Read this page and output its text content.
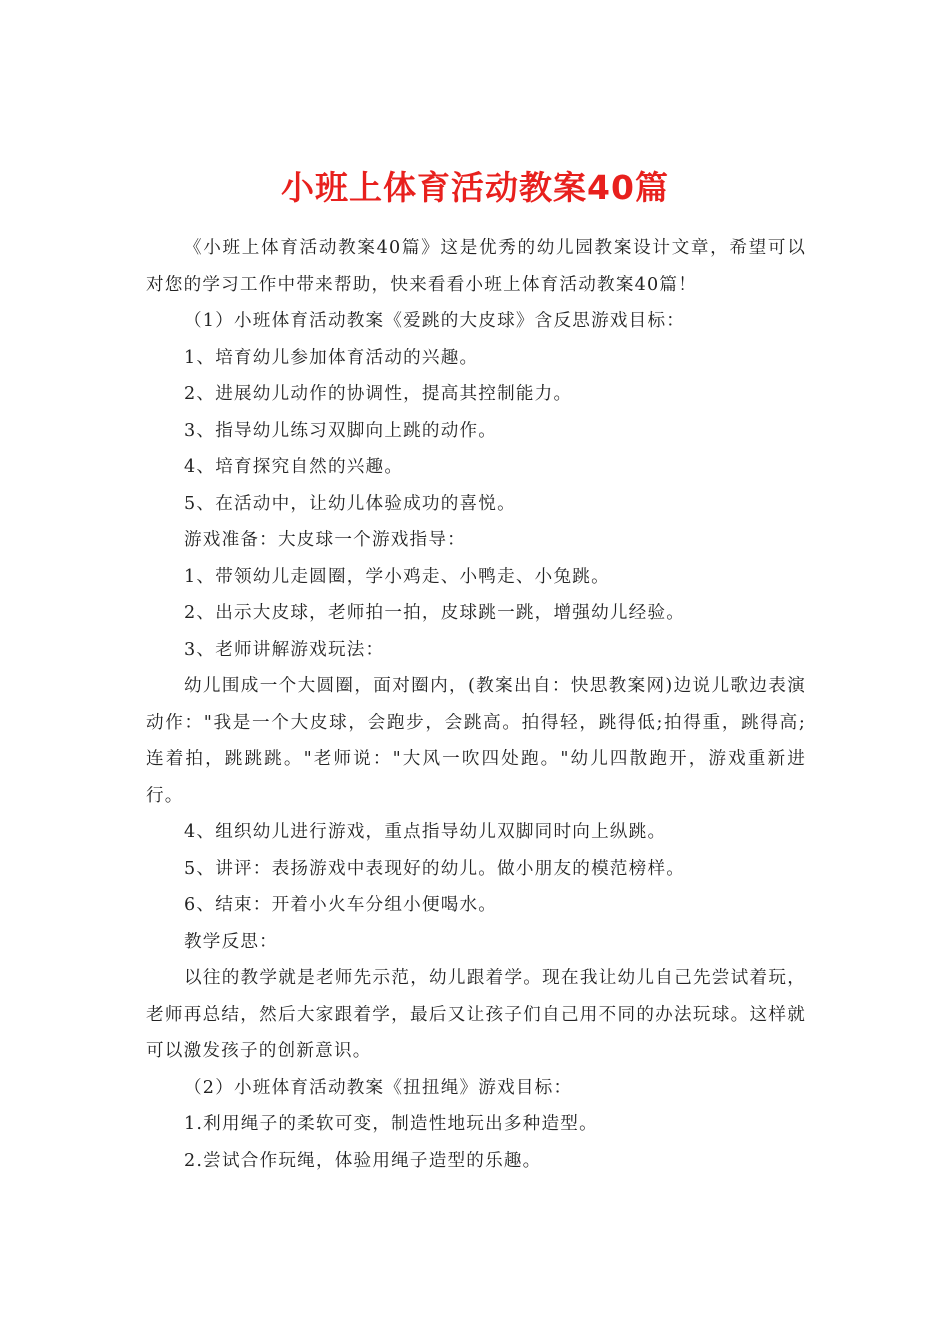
小班上体育活动教案40篇

《小班上体育活动教案40篇》这是优秀的幼儿园教案设计文章，希望可以对您的学习工作中带来帮助，快来看看小班上体育活动教案40篇！

（1）小班体育活动教案《爱跳的大皮球》含反思游戏目标：

1、培育幼儿参加体育活动的兴趣。

2、进展幼儿动作的协调性，提高其控制能力。

3、指导幼儿练习双脚向上跳的动作。

4、培育探究自然的兴趣。

5、在活动中，让幼儿体验成功的喜悦。

游戏准备：大皮球一个游戏指导：

1、带领幼儿走圆圈，学小鸡走、小鸭走、小兔跳。

2、出示大皮球，老师拍一拍，皮球跳一跳，增强幼儿经验。

3、老师讲解游戏玩法：

幼儿围成一个大圆圈，面对圈内，(教案出自：快思教案网)边说儿歌边表演动作："我是一个大皮球，会跑步，会跳高。拍得轻，跳得低;拍得重，跳得高;连着拍，跳跳跳。"老师说："大风一吹四处跑。"幼儿四散跑开，游戏重新进行。

4、组织幼儿进行游戏，重点指导幼儿双脚同时向上纵跳。

5、讲评：表扬游戏中表现好的幼儿。做小朋友的模范榜样。

6、结束：开着小火车分组小便喝水。

教学反思：

以往的教学就是老师先示范，幼儿跟着学。现在我让幼儿自己先尝试着玩，老师再总结，然后大家跟着学，最后又让孩子们自己用不同的办法玩球。这样就可以激发孩子的创新意识。

（2）小班体育活动教案《扭扭绳》游戏目标：

1.利用绳子的柔软可变，制造性地玩出多种造型。

2.尝试合作玩绳，体验用绳子造型的乐趣。
